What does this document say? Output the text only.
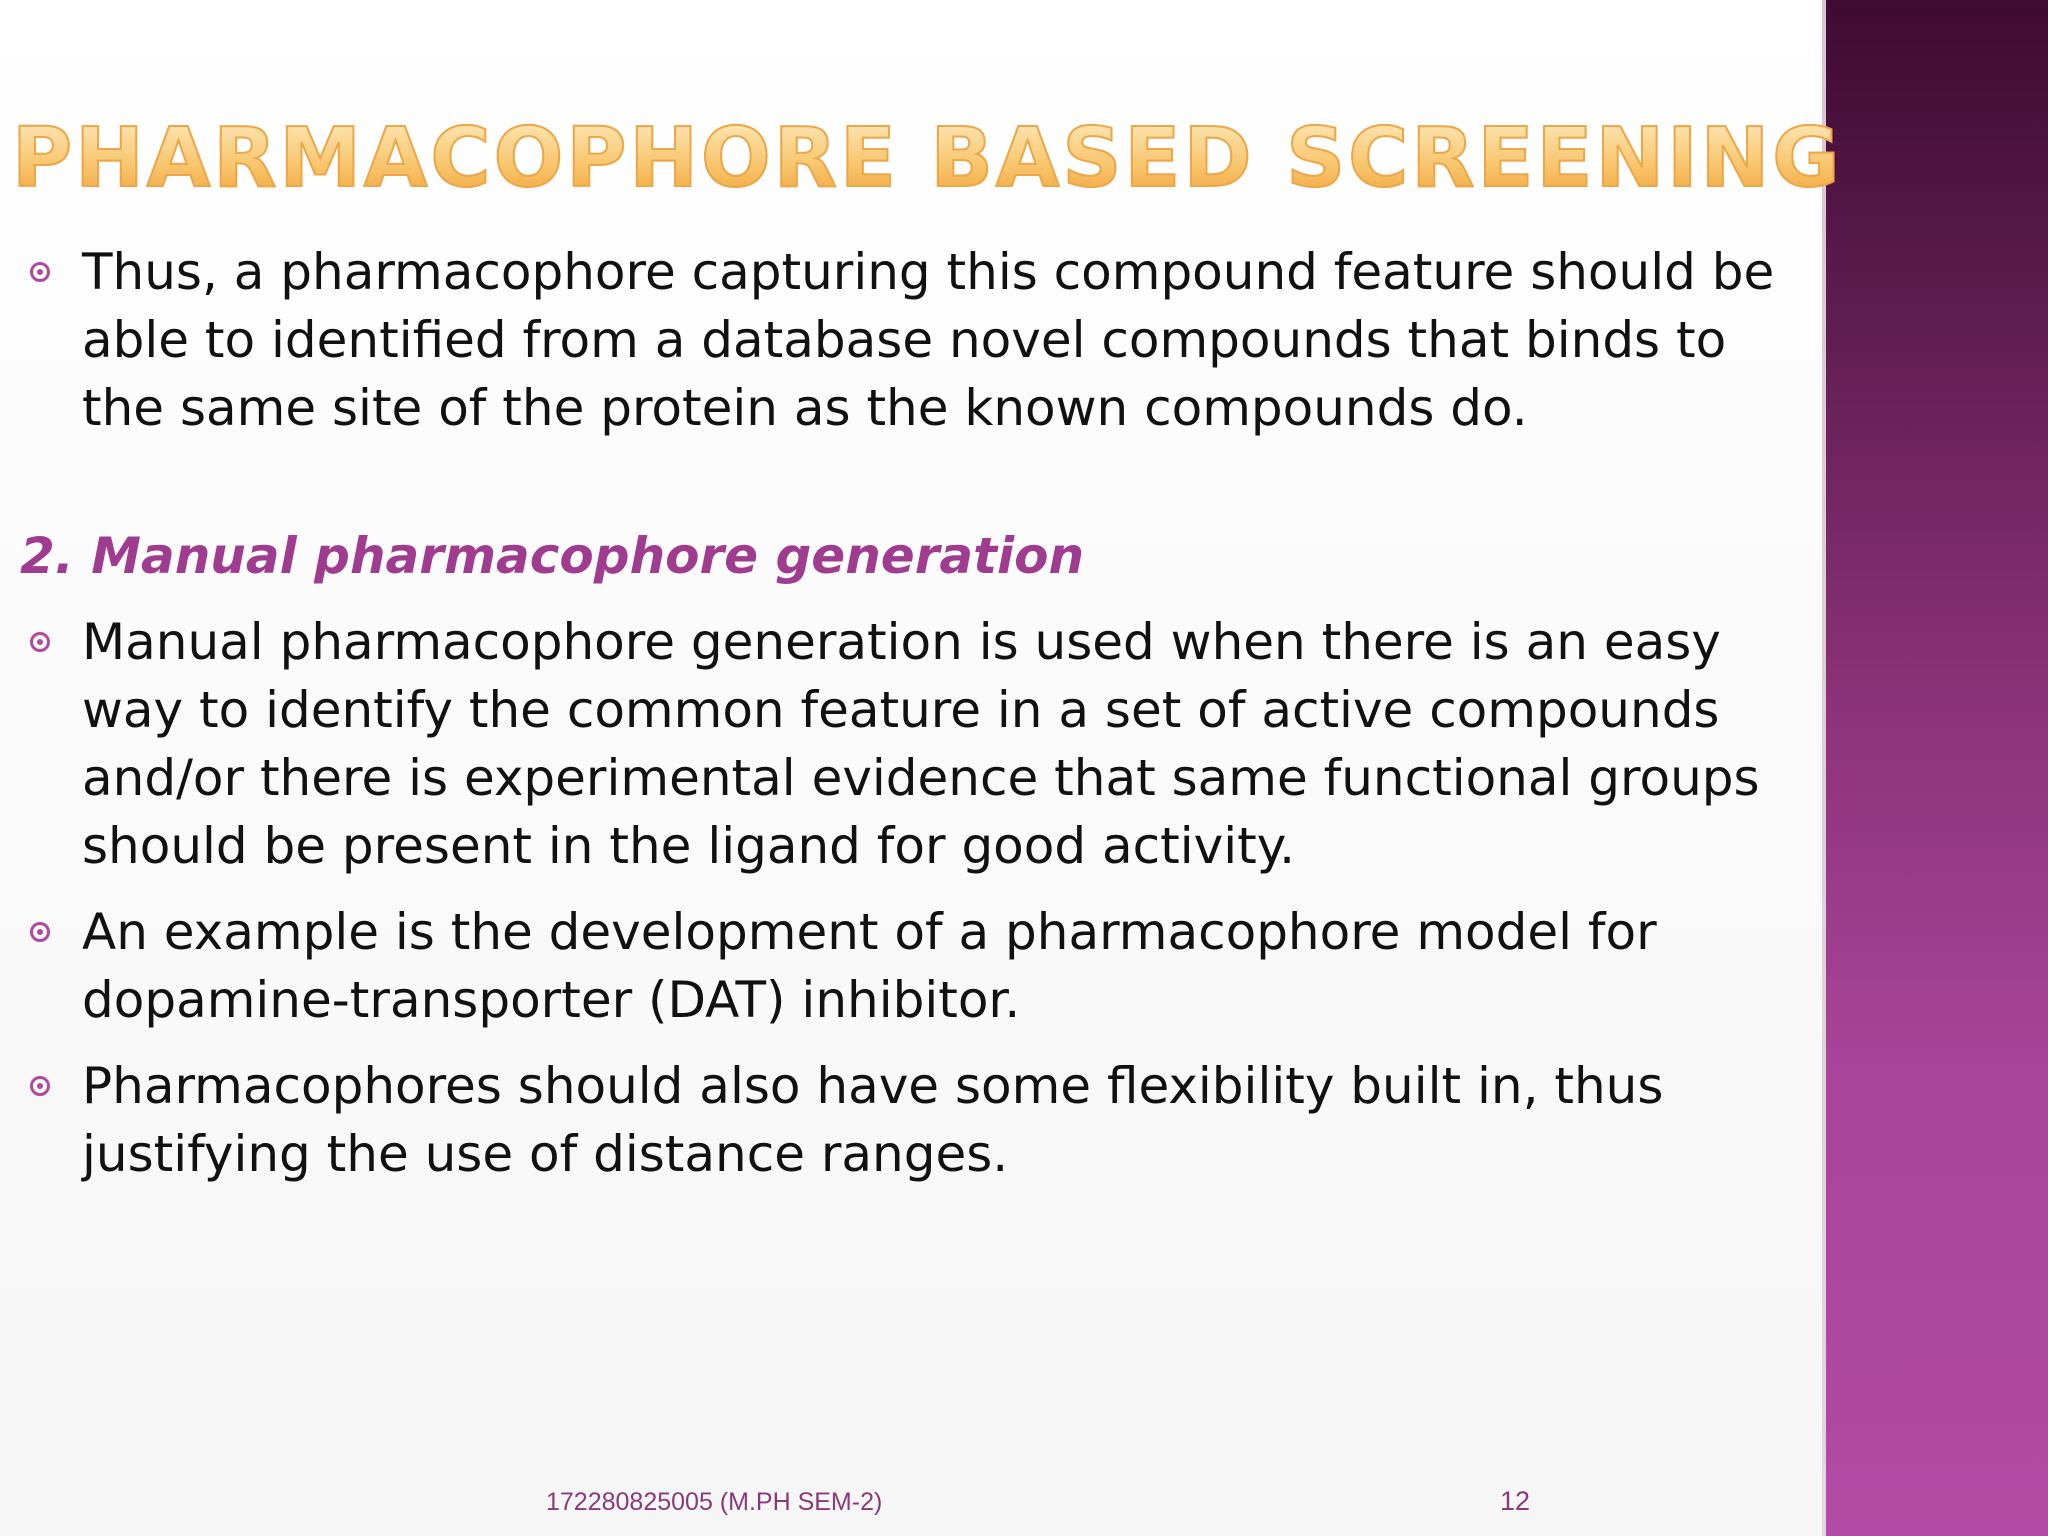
PHARMACOPHORE BASED SCREENING

Thus, a pharmacophore capturing this compound feature should be able to identified from a database novel compounds that binds to the same site of the protein as the known compounds do.

2. Manual pharmacophore generation

Manual pharmacophore generation is used when there is an easy way to identify the common feature in a set of active compounds and/or there is experimental evidence that same functional groups should be present in the ligand for good activity.

An example is the development of a pharmacophore model for dopamine-transporter (DAT) inhibitor.

Pharmacophores should also have some flexibility built in, thus justifying the use of distance ranges.

172280825005 (M.PH SEM-2)	12
